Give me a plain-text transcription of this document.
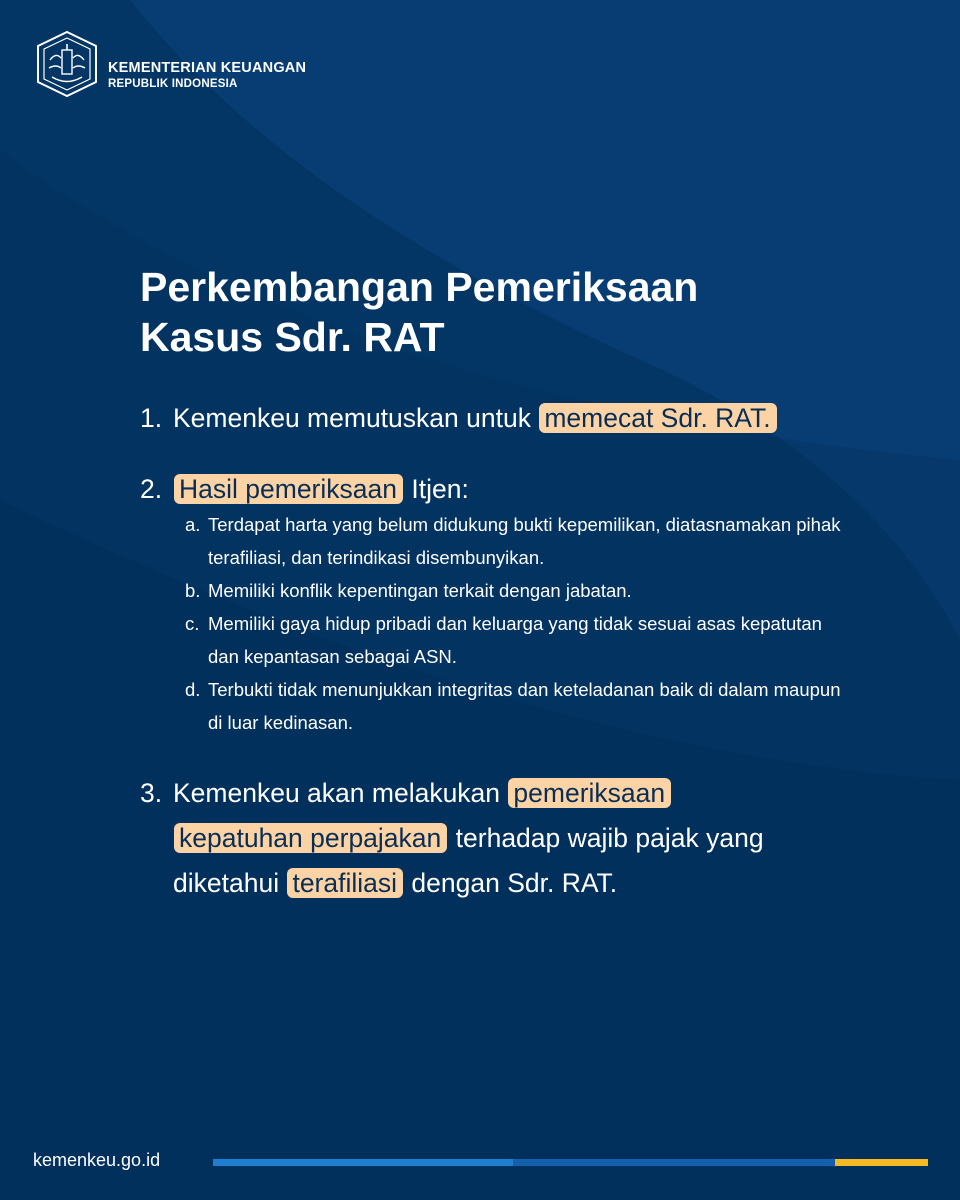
KEMENTERIAN KEUANGAN
REPUBLIK INDONESIA
Perkembangan Pemeriksaan
Kasus Sdr. RAT
1. Kemenkeu memutuskan untuk memecat Sdr. RAT.
2. Hasil pemeriksaan Itjen:
a. Terdapat harta yang belum didukung bukti kepemilikan, diatasnamakan pihak terafiliasi, dan terindikasi disembunyikan.
b. Memiliki konflik kepentingan terkait dengan jabatan.
c. Memiliki gaya hidup pribadi dan keluarga yang tidak sesuai asas kepatutan dan kepantasan sebagai ASN.
d. Terbukti tidak menunjukkan integritas dan keteladanan baik di dalam maupun di luar kedinasan.
3. Kemenkeu akan melakukan pemeriksaan
kepatuhan perpajakan terhadap wajib pajak yang
diketahui terafiliasi dengan Sdr. RAT.
kemenkeu.go.id
